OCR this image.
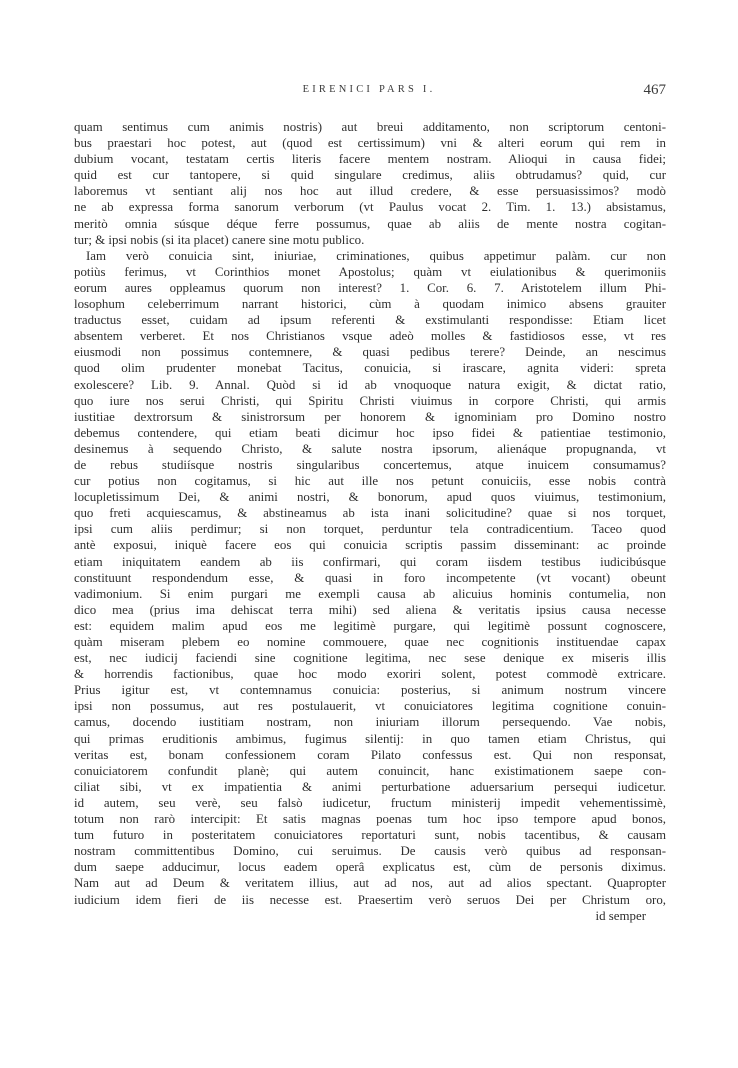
EIRENICI PARS I.	467
quam sentimus cum animis nostris) aut breui additamento, non scriptorum centoni-
bus praestari hoc potest, aut (quod est certissimum) vni & alteri eorum qui rem in
dubium vocant, testatam certis literis facere mentem nostram. Alioqui in causa fidei;
quid est cur tantopere, si quid singulare credimus, aliis obtrudamus? quid, cur
laboremus vt sentiant alij nos hoc aut illud credere, & esse persuasissimos? modò
ne ab expressa forma sanorum verborum (vt Paulus vocat 2. Tim. 1. 13.) absistamus,
meritò omnia súsque déque ferre possumus, quae ab aliis de mente nostra cogitan-
tur; & ipsi nobis (si ita placet) canere sine motu publico.
Iam verò conuicia sint, iniuriae, criminationes, quibus appetimur palàm. cur non
potiùs ferimus, vt Corinthios monet Apostolus; quàm vt eiulationibus & querimoniis
eorum aures oppleamus quorum non interest? 1. Cor. 6. 7. Aristotelem illum Phi-
losophum celeberrimum narrant historici, cùm à quodam inimico absens grauiter
traductus esset, cuidam ad ipsum referenti & exstimulanti respondisse: Etiam licet
absentem verberet. Et nos Christianos vsque adeò molles & fastidiosos esse, vt res
eiusmodi non possimus contemnere, & quasi pedibus terere? Deinde, an nescimus
quod olim prudenter monebat Tacitus, conuicia, si irascare, agnita videri: spreta
exolescere? Lib. 9. Annal. Quòd si id ab vnoquoque natura exigit, & dictat ratio,
quo iure nos serui Christi, qui Spiritu Christi viuimus in corpore Christi, qui armis
iustitiae dextrorsum & sinistrorsum per honorem & ignominiam pro Domino nostro
debemus contendere, qui etiam beati dicimur hoc ipso fidei & patientiae testimonio,
desinemus à sequendo Christo, & salute nostra ipsorum, alienáque propugnanda, vt
de rebus studiísque nostris singularibus concertemus, atque inuicem consumamus?
cur potius non cogitamus, si hic aut ille nos petunt conuiciis, esse nobis contrà
locupletissimum Dei, & animi nostri, & bonorum, apud quos viuimus, testimonium,
quo freti acquiescamus, & abstineamus ab ista inani solicitudine? quae si nos torquet,
ipsi cum aliis perdimur; si non torquet, perduntur tela contradicentium. Taceo quod
antè exposui, iniquè facere eos qui conuicia scriptis passim disseminant: ac proinde
etiam iniquitatem eandem ab iis confirmari, qui coram iisdem testibus iudicibúsque
constituunt respondendum esse, & quasi in foro incompetente (vt vocant) obeunt
vadimonium. Si enim purgari me exempli causa ab alicuius hominis contumelia, non
dico mea (prius ima dehiscat terra mihi) sed aliena & veritatis ipsius causa necesse
est: equidem malim apud eos me legitimè purgare, qui legitimè possunt cognoscere,
quàm miseram plebem eo nomine commouere, quae nec cognitionis instituendae capax
est, nec iudicij faciendi sine cognitione legitima, nec sese denique ex miseris illis
& horrendis factionibus, quae hoc modo exoriri solent, potest commodè extricare.
Prius igitur est, vt contemnamus conuicia: posterius, si animum nostrum vincere
ipsi non possumus, aut res postulauerit, vt conuiciatores legitima cognitione conuin-
camus, docendo iustitiam nostram, non iniuriam illorum persequendo. Vae nobis,
qui primas eruditionis ambimus, fugimus silentij: in quo tamen etiam Christus, qui
veritas est, bonam confessionem coram Pilato confessus est. Qui non responsat,
conuiciatorem confundit planè; qui autem conuincit, hanc existimationem saepe con-
ciliat sibi, vt ex impatientia & animi perturbatione aduersarium persequi iudicetur.
id autem, seu verè, seu falsò iudicetur, fructum ministerij impedit vehementissimè,
totum non rarò intercipit: Et satis magnas poenas tum hoc ipso tempore apud bonos,
tum futuro in posteritatem conuiciatores reportaturi sunt, nobis tacentibus, & causam
nostram committentibus Domino, cui seruimus. De causis verò quibus ad responsan-
dum saepe adducimur, locus eadem operâ explicatus est, cùm de personis diximus.
Nam aut ad Deum & veritatem illius, aut ad nos, aut ad alios spectant. Quapropter
iudicium idem fieri de iis necesse est. Praesertim verò seruos Dei per Christum oro,
id semper
